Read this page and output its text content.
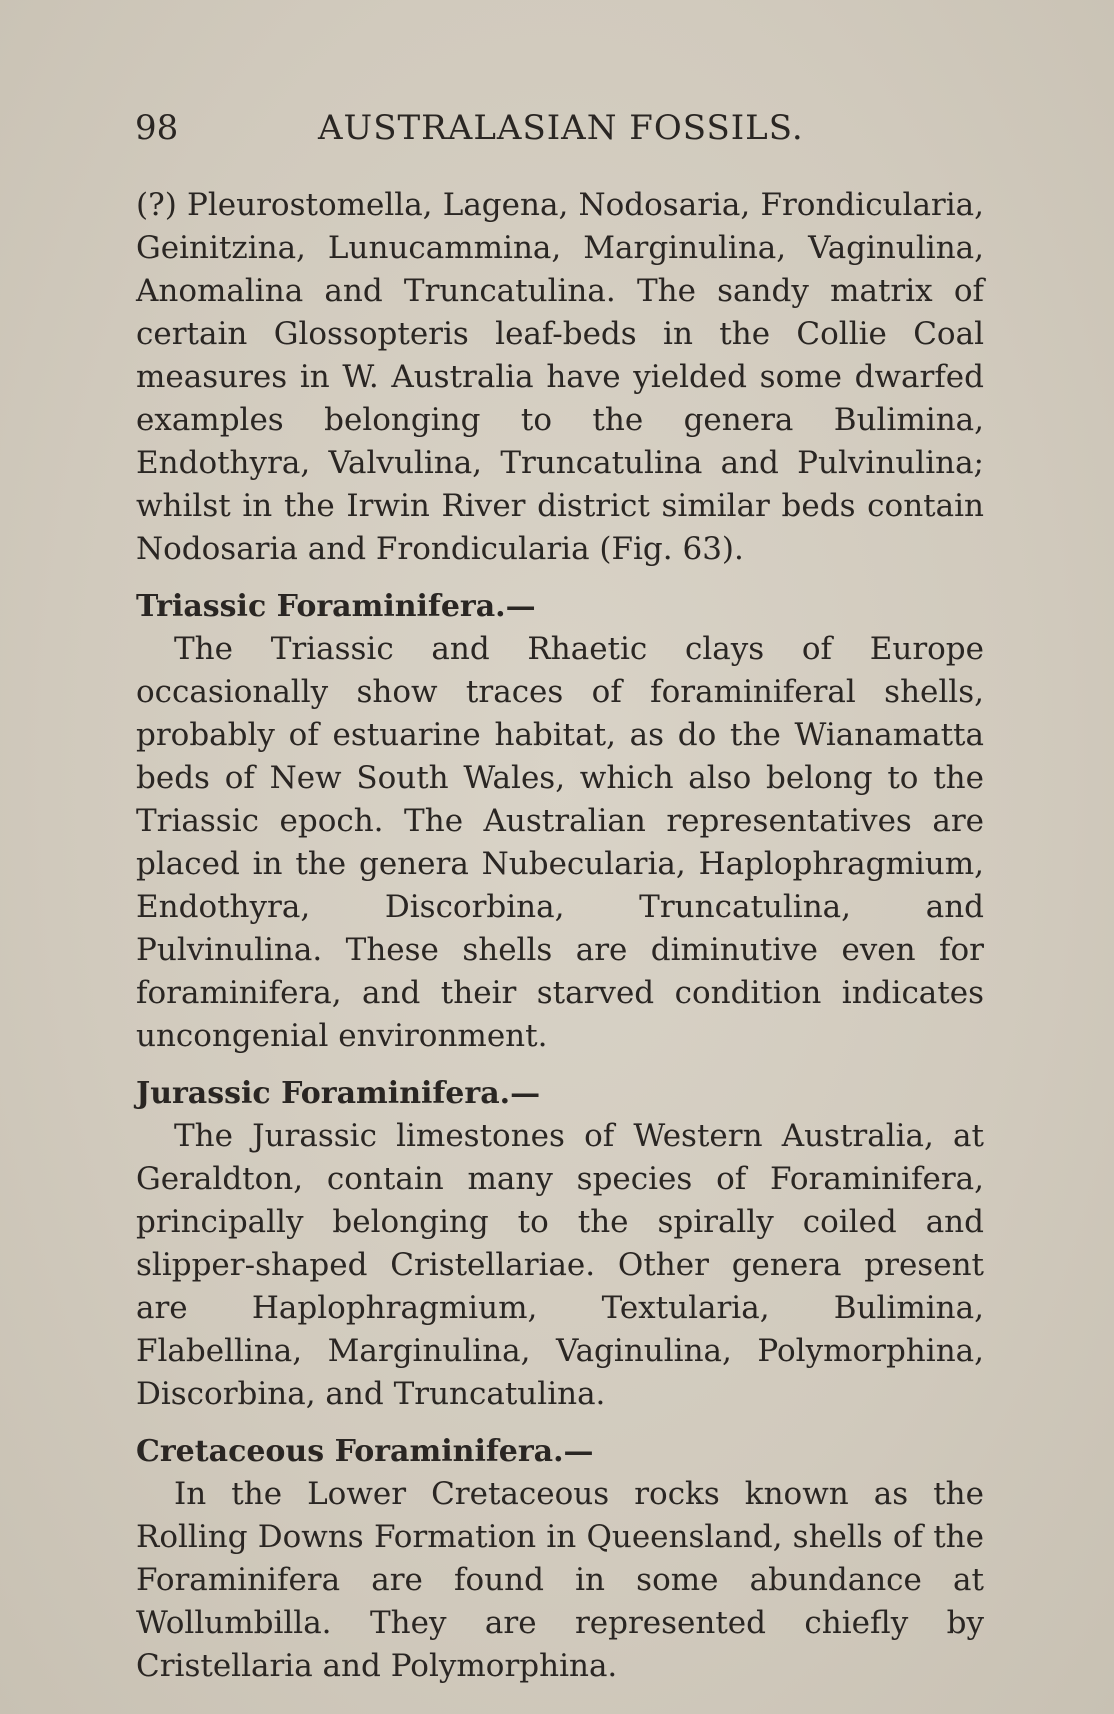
98	AUSTRALASIAN FOSSILS.

(?) Pleurostomella, Lagena, Nodosaria, Frondicularia, Geinitzina, Lunucammina, Marginulina, Vaginulina, Anomalina and Truncatulina. The sandy matrix of certain Glossopteris leaf-beds in the Collie Coal measures in W. Australia have yielded some dwarfed examples belonging to the genera Bulimina, Endothyra, Valvulina, Truncatulina and Pulvinulina; whilst in the Irwin River district similar beds contain Nodosaria and Frondicularia (Fig. 63).

Triassic Foraminifera.—

The Triassic and Rhaetic clays of Europe occasionally show traces of foraminiferal shells, probably of estuarine habitat, as do the Wianamatta beds of New South Wales, which also belong to the Triassic epoch. The Australian representatives are placed in the genera Nubecularia, Haplophragmium, Endothyra, Discorbina, Truncatulina, and Pulvinulina. These shells are diminutive even for foraminifera, and their starved condition indicates uncongenial environment.

Jurassic Foraminifera.—

The Jurassic limestones of Western Australia, at Geraldton, contain many species of Foraminifera, principally belonging to the spirally coiled and slipper-shaped Cristellariae. Other genera present are Haplophragmium, Textularia, Bulimina, Flabellina, Marginulina, Vaginulina, Polymorphina, Discorbina, and Truncatulina.

Cretaceous Foraminifera.—

In the Lower Cretaceous rocks known as the Rolling Downs Formation in Queensland, shells of the Foraminifera are found in some abundance at Wollumbilla. They are represented chiefly by Cristellaria and Polymorphina.
